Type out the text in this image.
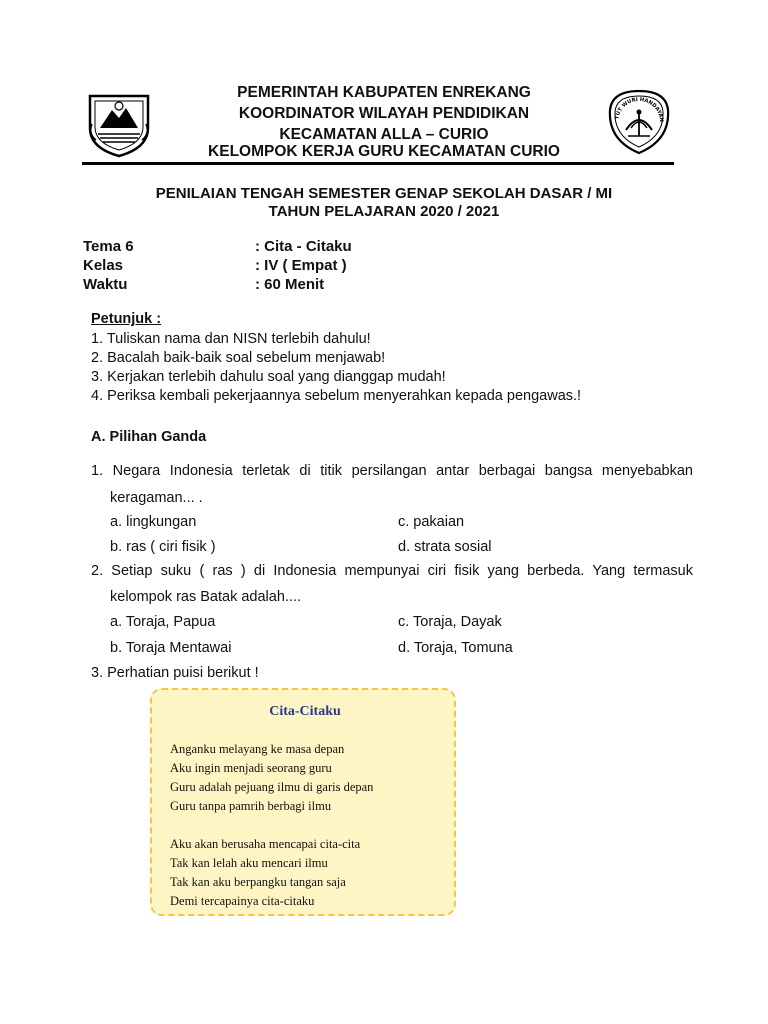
PEMERINTAH KABUPATEN ENREKANG
KOORDINATOR WILAYAH PENDIDIKAN
KECAMATAN ALLA – CURIO
KELOMPOK KERJA GURU KECAMATAN CURIO
TUT WURI HANDAYAN
PENILAIAN TENGAH SEMESTER GENAP SEKOLAH DASAR / MI
TAHUN PELAJARAN 2020 / 2021
Tema 6	: Cita - Citaku
Kelas	: IV ( Empat )
Waktu	: 60 Menit
Petunjuk :
1. Tuliskan nama dan NISN terlebih dahulu!
2. Bacalah baik-baik soal sebelum menjawab!
3. Kerjakan terlebih dahulu soal yang dianggap mudah!
4. Periksa kembali pekerjaannya sebelum menyerahkan kepada pengawas.!
A. Pilihan Ganda
1. Negara Indonesia terletak di titik persilangan antar berbagai bangsa menyebabkan
keragaman... .
a. lingkungan	c. pakaian
b. ras ( ciri fisik )	d. strata sosial
2. Setiap suku ( ras ) di Indonesia mempunyai ciri fisik yang berbeda. Yang termasuk
kelompok ras Batak adalah....
a. Toraja, Papua	c. Toraja, Dayak
b. Toraja Mentawai	d. Toraja, Tomuna
3. Perhatian puisi berikut !
Cita-Citaku
Anganku melayang ke masa depan
Aku ingin menjadi seorang guru
Guru adalah pejuang ilmu di garis depan
Guru tanpa pamrih berbagi ilmu
Aku akan berusaha mencapai cita-cita
Tak kan lelah aku mencari ilmu
Tak kan aku berpangku tangan saja
Demi tercapainya cita-citaku
